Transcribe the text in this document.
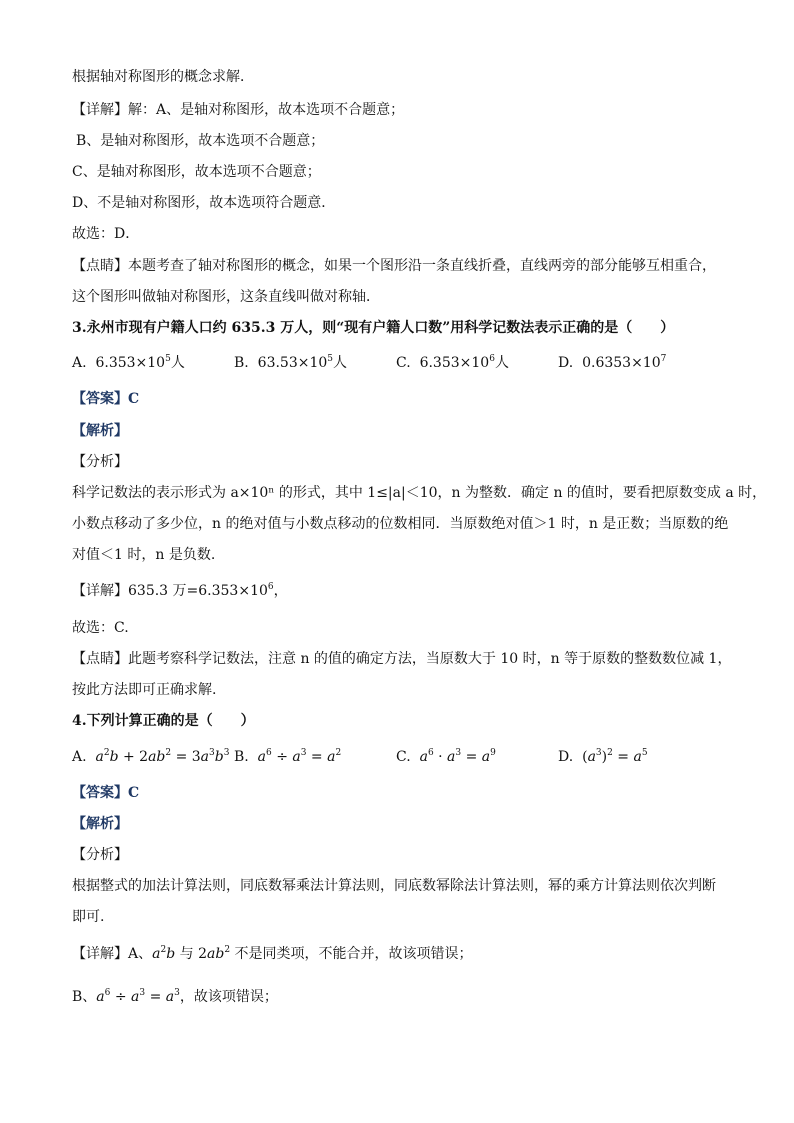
根据轴对称图形的概念求解．
【详解】解：A、是轴对称图形，故本选项不合题意；
B、是轴对称图形，故本选项不合题意；
C、是轴对称图形，故本选项不合题意；
D、不是轴对称图形，故本选项符合题意．
故选：D．
【点睛】本题考查了轴对称图形的概念，如果一个图形沿一条直线折叠，直线两旁的部分能够互相重合，
这个图形叫做轴对称图形，这条直线叫做对称轴．
3.永州市现有户籍人口约 635.3 万人，则“现有户籍人口数”用科学记数法表示正确的是（　　）
A. $6.353\times 10^5$人	B. $63.53\times 10^5$人	C. $6.353\times 10^6$人	D. $0.6353\times 10^7$
【答案】C
【解析】
【分析】
科学记数法的表示形式为 a×10ⁿ 的形式，其中 1≤|a|＜10，n 为整数．确定 n 的值时，要看把原数变成 a 时，
小数点移动了多少位，n 的绝对值与小数点移动的位数相同．当原数绝对值＞1 时，n 是正数；当原数的绝
对值＜1 时，n 是负数.
【详解】635.3 万$=6.353\times 10^6$，
故选：C.
【点睛】此题考察科学记数法，注意 n 的值的确定方法，当原数大于 10 时，n 等于原数的整数数位减 1，
按此方法即可正确求解.
4.下列计算正确的是（　　）
A. $a^2b + 2ab^2 = 3a^3b^3$ B. $a^6 \div a^3 = a^2$	C. $a^6 \cdot a^3 = a^9$	D.  $(a^3)^2 = a^5$
【答案】C
【解析】
【分析】
根据整式的加法计算法则，同底数幂乘法计算法则，同底数幂除法计算法则，幂的乘方计算法则依次判断
即可.
【详解】A、$a^2b$ 与 $2ab^2$ 不是同类项，不能合并，故该项错误；
B、$a^6 \div a^3 = a^3$，故该项错误；
